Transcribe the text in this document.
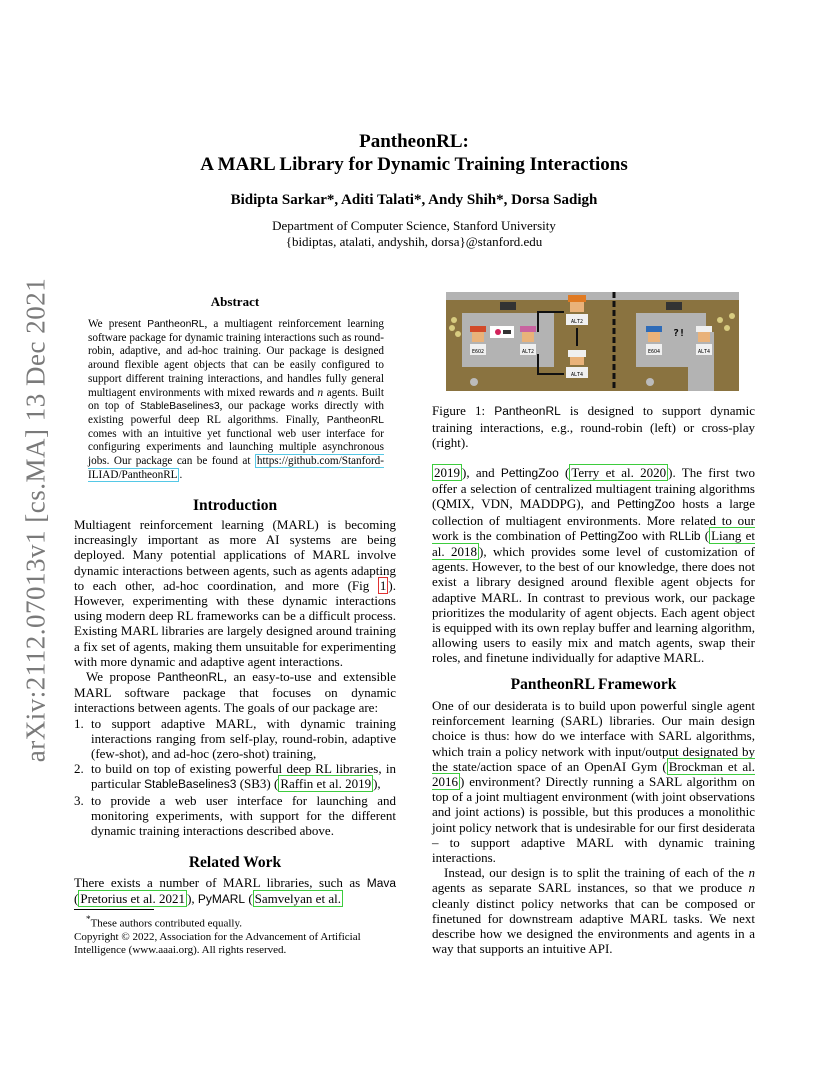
arXiv:2112.07013v1 [cs.MA] 13 Dec 2021
PantheonRL:
A MARL Library for Dynamic Training Interactions
Bidipta Sarkar*, Aditi Talati*, Andy Shih*, Dorsa Sadigh
Department of Computer Science, Stanford University
{bidiptas, atalati, andyshih, dorsa}@stanford.edu
Abstract
We present PantheonRL, a multiagent reinforcement learning software package for dynamic training interactions such as round-robin, adaptive, and ad-hoc training. Our package is designed around flexible agent objects that can be easily configured to support different training interactions, and handles fully general multiagent environments with mixed rewards and n agents. Built on top of StableBaselines3, our package works directly with existing powerful deep RL algorithms. Finally, PantheonRL comes with an intuitive yet functional web user interface for configuring experiments and launching multiple asynchronous jobs. Our package can be found at https://github.com/Stanford-ILIAD/PantheonRL .
Introduction

Multiagent reinforcement learning (MARL) is becoming increasingly important as more AI systems are being deployed. Many potential applications of MARL involve dynamic interactions between agents, such as agents adapting to each other, ad-hoc coordination, and more (Fig 1 ). However, experimenting with these dynamic interactions using modern deep RL frameworks can be a difficult process. Existing MARL libraries are largely designed around training a fix set of agents, making them unsuitable for experimenting with more dynamic and adaptive agent interactions.

We propose PantheonRL, an easy-to-use and extensible MARL software package that focuses on dynamic interactions between agents. The goals of our package are:

1. to support adaptive MARL, with dynamic training interactions ranging from self-play, round-robin, adaptive (few-shot), and ad-hoc (zero-shot) training,
2. to build on top of existing powerful deep RL libraries, in particular StableBaselines3 (SB3) ( Raffin et al. 2019 ),
3. to provide a web user interface for launching and monitoring experiments, with support for the different dynamic training interactions described above.
Related Work
There exists a number of MARL libraries, such as Mava ( Pretorius et al. 2021 ), PyMARL ( Samvelyan et al.
*These authors contributed equally.
Copyright © 2022, Association for the Advancement of Artificial Intelligence (www.aaai.org). All rights reserved.
E6O2	ALT2
ALT2
ALT4
E6O4	ALT4
?!
Figure 1: PantheonRL is designed to support dynamic training interactions, e.g., round-robin (left) or cross-play (right).
2019 ), and PettingZoo ( Terry et al. 2020 ). The first two offer a selection of centralized multiagent training algorithms (QMIX, VDN, MADDPG), and PettingZoo hosts a large collection of multiagent environments. More related to our work is the combination of PettingZoo with RLLib ( Liang et al. 2018 ), which provides some level of customization of agents. However, to the best of our knowledge, there does not exist a library designed around flexible agent objects for adaptive MARL. In contrast to previous work, our package prioritizes the modularity of agent objects. Each agent object is equipped with its own replay buffer and learning algorithm, allowing users to easily mix and match agents, swap their roles, and finetune individually for adaptive MARL.
PantheonRL Framework

One of our desiderata is to build upon powerful single agent reinforcement learning (SARL) libraries. Our main design choice is thus: how do we interface with SARL algorithms, which train a policy network with input/output designated by the state/action space of an OpenAI Gym ( Brockman et al. 2016 ) environment? Directly running a SARL algorithm on top of a joint multiagent environment (with joint observations and joint actions) is possible, but this produces a monolithic joint policy network that is undesirable for our first desiderata – to support adaptive MARL with dynamic training interactions.

Instead, our design is to split the training of each of the n agents as separate SARL instances, so that we produce n cleanly distinct policy networks that can be composed or finetuned for downstream adaptive MARL tasks. We next describe how we designed the environments and agents in a way that supports an intuitive API.
